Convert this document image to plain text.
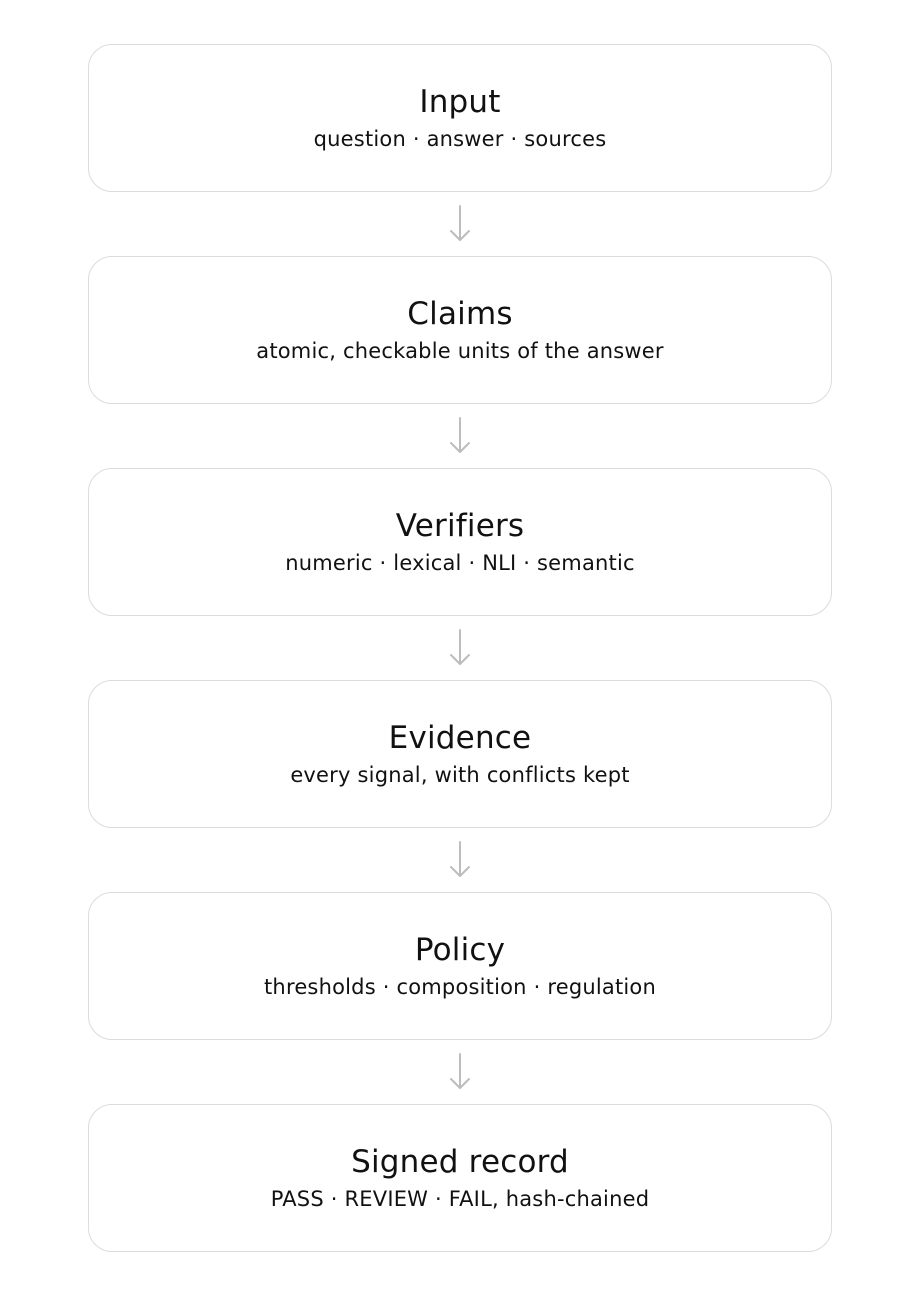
Input
question · answer · sources
Claims
atomic, checkable units of the answer
Verifiers
numeric · lexical · NLI · semantic
Evidence
every signal, with conflicts kept
Policy
thresholds · composition · regulation
Signed record
PASS · REVIEW · FAIL, hash-chained
